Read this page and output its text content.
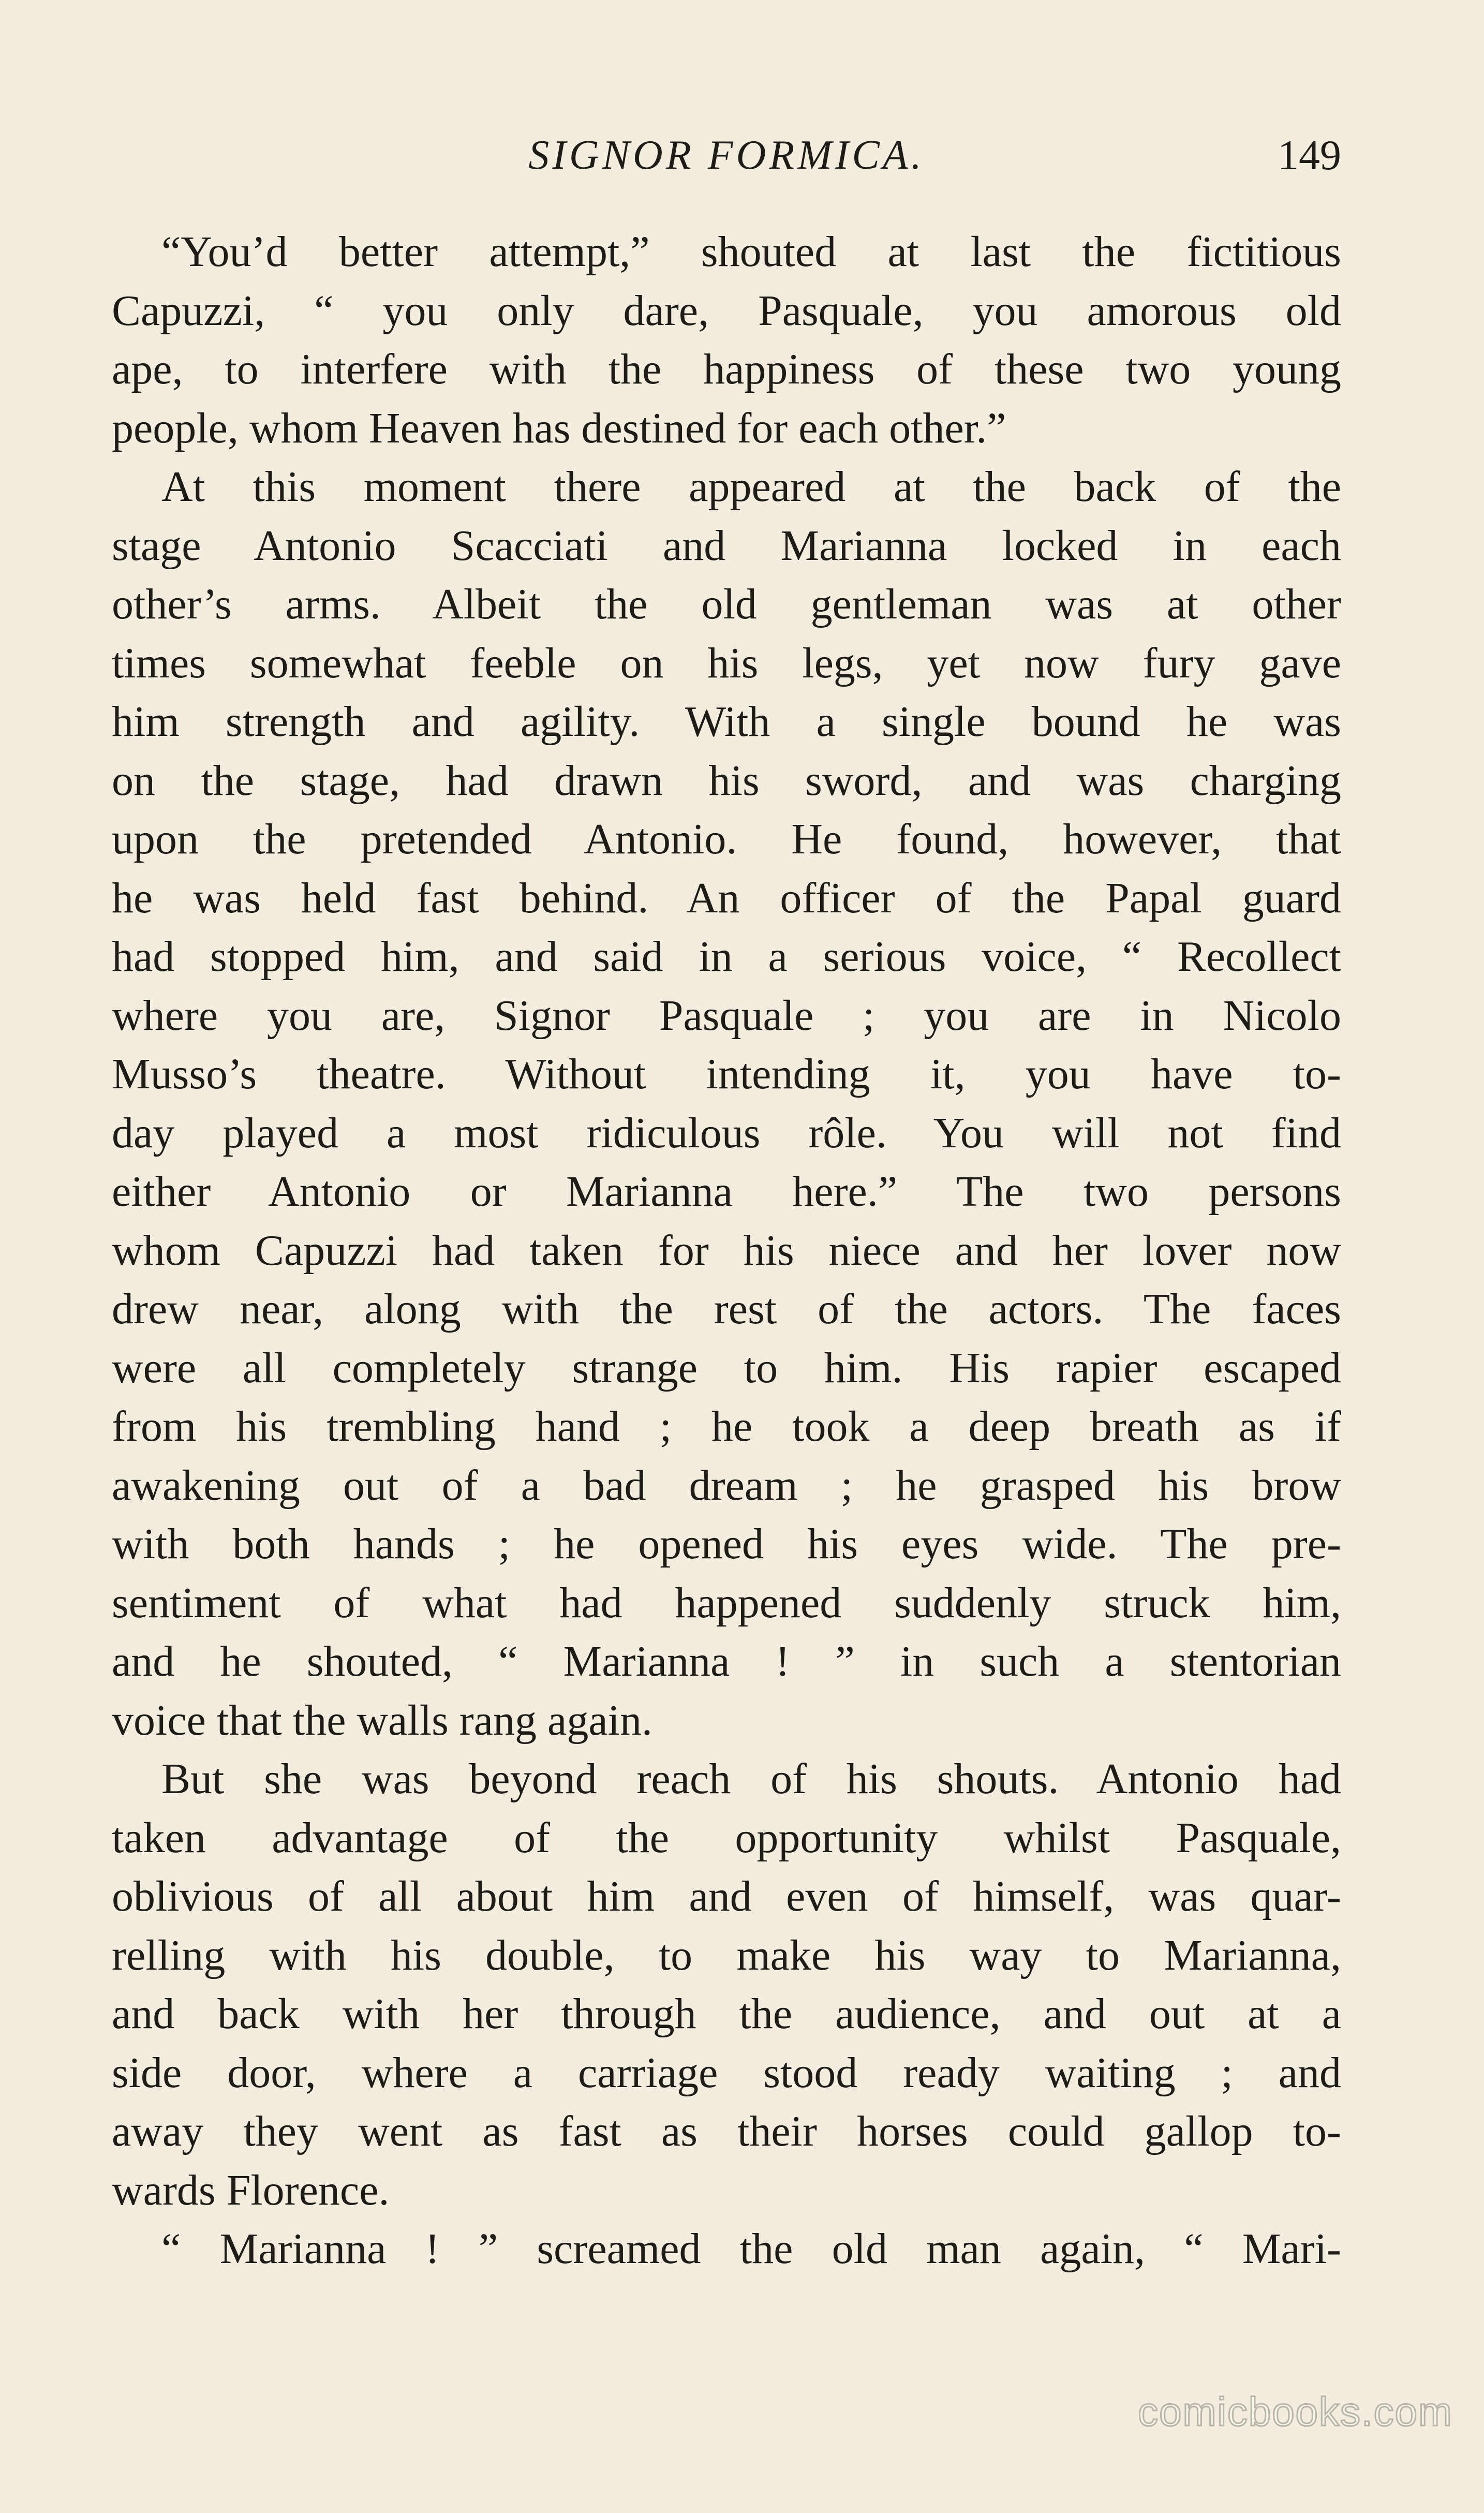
SIGNOR FORMICA.	149

“You’d better attempt,” shouted at last the fictitious
Capuzzi, “ you only dare, Pasquale, you amorous old
ape, to interfere with the happiness of these two young
people, whom Heaven has destined for each other.”

At this moment there appeared at the back of the
stage Antonio Scacciati and Marianna locked in each
other’s arms. Albeit the old gentleman was at other
times somewhat feeble on his legs, yet now fury gave
him strength and agility. With a single bound he was
on the stage, had drawn his sword, and was charging
upon the pretended Antonio. He found, however, that
he was held fast behind. An officer of the Papal guard
had stopped him, and said in a serious voice, “ Recollect
where you are, Signor Pasquale ; you are in Nicolo
Musso’s theatre. Without intending it, you have to-
day played a most ridiculous rôle. You will not find
either Antonio or Marianna here.” The two persons
whom Capuzzi had taken for his niece and her lover now
drew near, along with the rest of the actors. The faces
were all completely strange to him. His rapier escaped
from his trembling hand ; he took a deep breath as if
awakening out of a bad dream ; he grasped his brow
with both hands ; he opened his eyes wide. The pre-
sentiment of what had happened suddenly struck him,
and he shouted, “ Marianna ! ” in such a stentorian
voice that the walls rang again.

But she was beyond reach of his shouts. Antonio had
taken advantage of the opportunity whilst Pasquale,
oblivious of all about him and even of himself, was quar-
relling with his double, to make his way to Marianna,
and back with her through the audience, and out at a
side door, where a carriage stood ready waiting ; and
away they went as fast as their horses could gallop to-
wards Florence.

“ Marianna ! ” screamed the old man again, “ Mari-

comicbooks.com
